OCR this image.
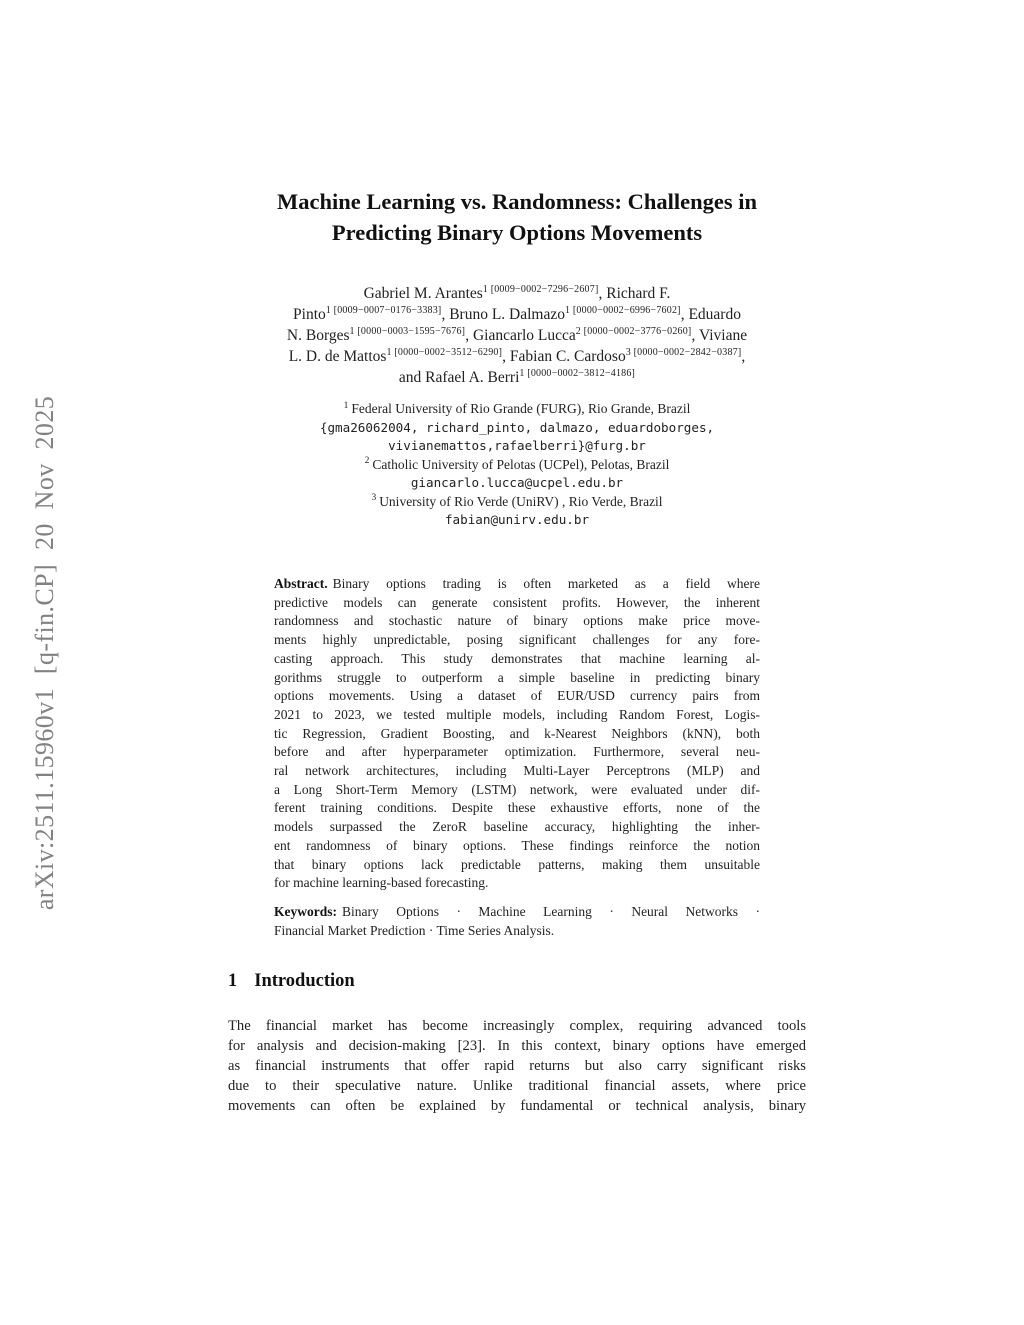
arXiv:2511.15960v1 [q-fin.CP] 20 Nov 2025
Machine Learning vs. Randomness: Challenges in
Predicting Binary Options Movements
Gabriel M. Arantes$^{1 [0009-0002-7296-2607]}$, Richard F.
Pinto$^{1 [0009-0007-0176-3383]}$, Bruno L. Dalmazo$^{1 [0000-0002-6996-7602]}$, Eduardo
N. Borges$^{1 [0000-0003-1595-7676]}$, Giancarlo Lucca$^{2 [0000-0002-3776-0260]}$, Viviane
L. D. de Mattos$^{1 [0000-0002-3512-6290]}$, Fabian C. Cardoso$^{3 [0000-0002-2842-0387]}$,
and Rafael A. Berri$^{1 [0000-0002-3812-4186]}$
$^1$ Federal University of Rio Grande (FURG), Rio Grande, Brazil
{gma26062004, richard_pinto, dalmazo, eduardoborges,
vivianemattos,rafaelberri}@furg.br
$^2$ Catholic University of Pelotas (UCPel), Pelotas, Brazil
giancarlo.lucca@ucpel.edu.br
$^3$ University of Rio Verde (UniRV) , Rio Verde, Brazil
fabian@unirv.edu.br
Abstract. Binary options trading is often marketed as a field where
predictive models can generate consistent profits. However, the inherent
randomness and stochastic nature of binary options make price move-
ments highly unpredictable, posing significant challenges for any fore-
casting approach. This study demonstrates that machine learning al-
gorithms struggle to outperform a simple baseline in predicting binary
options movements. Using a dataset of EUR/USD currency pairs from
2021 to 2023, we tested multiple models, including Random Forest, Logis-
tic Regression, Gradient Boosting, and k-Nearest Neighbors (kNN), both
before and after hyperparameter optimization. Furthermore, several neu-
ral network architectures, including Multi-Layer Perceptrons (MLP) and
a Long Short-Term Memory (LSTM) network, were evaluated under dif-
ferent training conditions. Despite these exhaustive efforts, none of the
models surpassed the ZeroR baseline accuracy, highlighting the inher-
ent randomness of binary options. These findings reinforce the notion
that binary options lack predictable patterns, making them unsuitable
for machine learning-based forecasting.
Keywords: Binary Options · Machine Learning · Neural Networks ·
Financial Market Prediction · Time Series Analysis.
1 Introduction
The financial market has become increasingly complex, requiring advanced tools
for analysis and decision-making [23]. In this context, binary options have emerged
as financial instruments that offer rapid returns but also carry significant risks
due to their speculative nature. Unlike traditional financial assets, where price
movements can often be explained by fundamental or technical analysis, binary
